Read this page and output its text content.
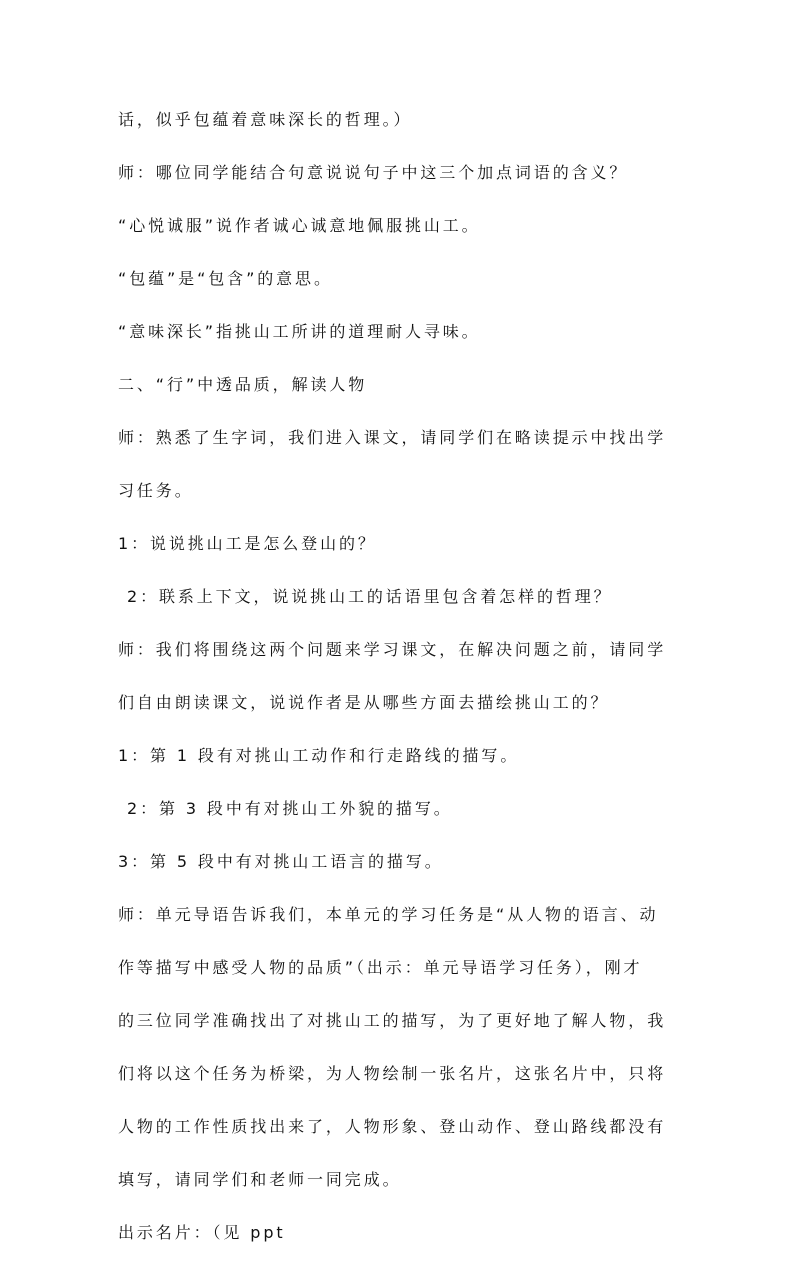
话，似乎包蕴着意味深长的哲理。）
师：哪位同学能结合句意说说句子中这三个加点词语的含义？
“心悦诚服”说作者诚心诚意地佩服挑山工。
“包蕴”是“包含”的意思。
“意味深长”指挑山工所讲的道理耐人寻味。
二、“行”中透品质，解读人物
师：熟悉了生字词，我们进入课文，请同学们在略读提示中找出学
习任务。
1：说说挑山工是怎么登山的？
2：联系上下文，说说挑山工的话语里包含着怎样的哲理？
师：我们将围绕这两个问题来学习课文，在解决问题之前，请同学
们自由朗读课文，说说作者是从哪些方面去描绘挑山工的？
1：第 1 段有对挑山工动作和行走路线的描写。
2：第 3 段中有对挑山工外貌的描写。
3：第 5 段中有对挑山工语言的描写。
师：单元导语告诉我们，本单元的学习任务是“从人物的语言、动
作等描写中感受人物的品质”（出示：单元导语学习任务），刚才
的三位同学准确找出了对挑山工的描写，为了更好地了解人物，我
们将以这个任务为桥梁，为人物绘制一张名片，这张名片中，只将
人物的工作性质找出来了，人物形象、登山动作、登山路线都没有
填写，请同学们和老师一同完成。
出示名片：（见 ppt
